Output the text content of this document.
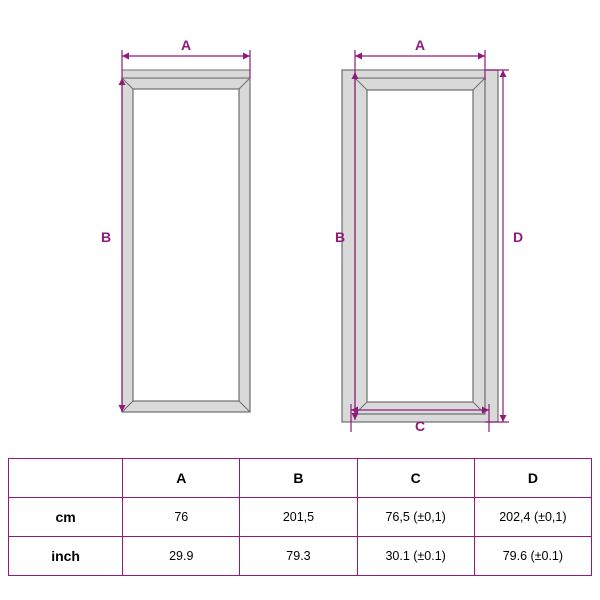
A
B
A
B
C
D
	A	B	C	D
cm	76	201,5	76,5 (±0,1)	202,4 (±0,1)
inch	29.9	79.3	30.1 (±0.1)	79.6 (±0.1)
